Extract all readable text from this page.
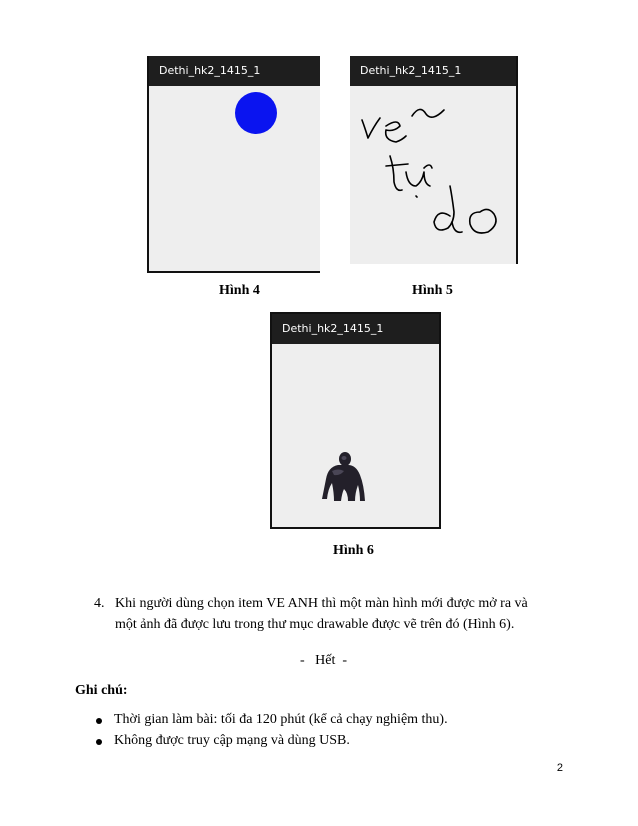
Dethi_hk2_1415_1
Hình 4
Dethi_hk2_1415_1
Hình 5
Dethi_hk2_1415_1
Hình 6
4. Khi người dùng chọn item VE ANH thì một màn hình mới được mở ra và
một ảnh đã được lưu trong thư mục drawable được vẽ trên đó (Hình 6).
-   Hết  -
Ghi chú:
Thời gian làm bài: tối đa 120 phút (kể cả chạy nghiệm thu).
Không được truy cập mạng và dùng USB.
2
